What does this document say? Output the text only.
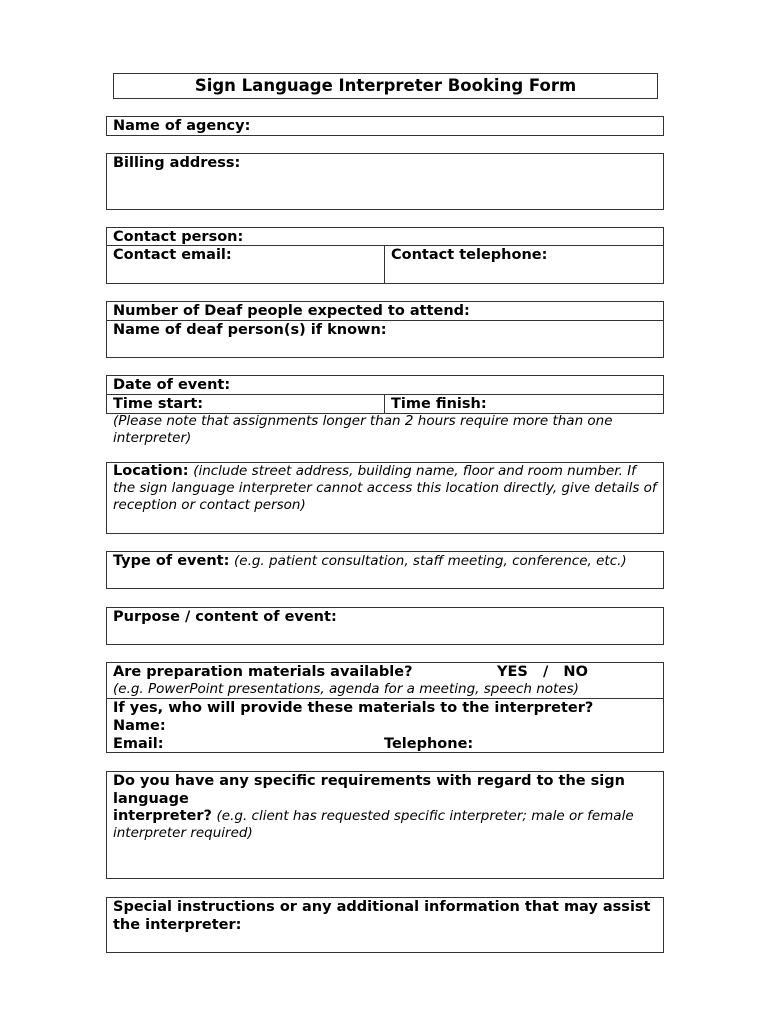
Sign Language Interpreter Booking Form
Name of agency:
Billing address:
Contact person:
Contact email:	Contact telephone:
Number of Deaf people expected to attend:
Name of deaf person(s) if known:
Date of event:
Time start:	Time finish:
(Please note that assignments longer than 2 hours require more than one interpreter)
Location: (include street address, building name, floor and room number. If the sign language interpreter cannot access this location directly, give details of reception or contact person)
Type of event: (e.g. patient consultation, staff meeting, conference, etc.)
Purpose / content of event:
Are preparation materials available?	YES   /   NO
(e.g. PowerPoint presentations, agenda for a meeting, speech notes)
If yes, who will provide these materials to the interpreter?
Name:
Email:	Telephone:
Do you have any specific requirements with regard to the sign language
interpreter? (e.g. client has requested specific interpreter; male or female interpreter required)
Special instructions or any additional information that may assist the interpreter:
